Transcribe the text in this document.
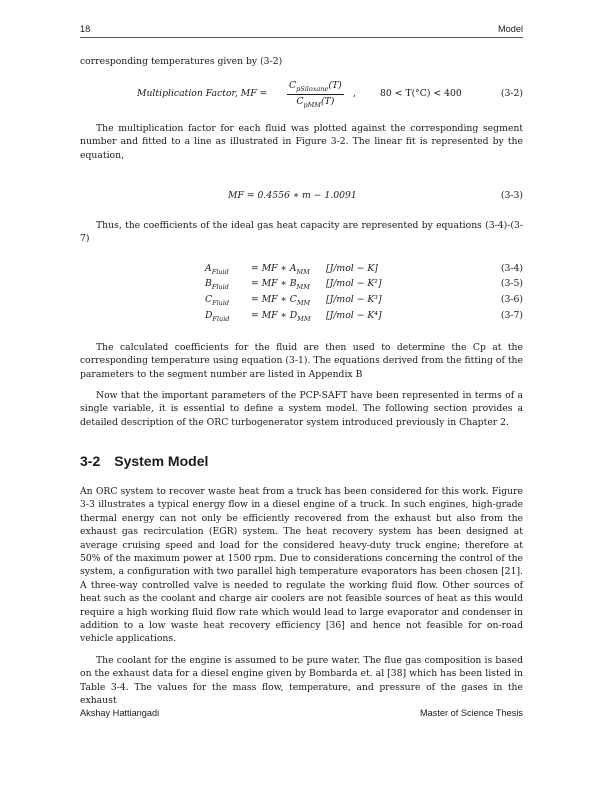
18	Model
corresponding temperatures given by (3-2)
Multiplication Factor, MF =
$C_{pSiloxane}(T)$
$C_{pMM}(T)$
,	80 < T(°C) < 400	(3-2)
The multiplication factor for each fluid was plotted against the corresponding segment number and fitted to a line as illustrated in Figure 3-2. The linear fit is represented by the equation,
MF = 0.4556 ∗ m − 1.0091	(3-3)
Thus, the coefficients of the ideal gas heat capacity are represented by equations (3-4)-(3-7)
$A_{Fluid}$ = MF ∗ $A_{MM}$ [J/mol − K]	(3-4)
$B_{Fluid}$ = MF ∗ $B_{MM}$ [J/mol − K²]	(3-5)
$C_{Fluid}$ = MF ∗ $C_{MM}$ [J/mol − K³]	(3-6)
$D_{Fluid}$ = MF ∗ $D_{MM}$ [J/mol − K⁴]	(3-7)
The calculated coefficients for the fluid are then used to determine the Cp at the corresponding temperature using equation (3-1). The equations derived from the fitting of the parameters to the segment number are listed in Appendix B
Now that the important parameters of the PCP-SAFT have been represented in terms of a single variable, it is essential to define a system model. The following section provides a detailed description of the ORC turbogenerator system introduced previously in Chapter 2.
3-2 System Model
An ORC system to recover waste heat from a truck has been considered for this work. Figure 3-3 illustrates a typical energy flow in a diesel engine of a truck. In such engines, high-grade thermal energy can not only be efficiently recovered from the exhaust but also from the exhaust gas recirculation (EGR) system. The heat recovery system has been designed at average cruising speed and load for the considered heavy-duty truck engine; therefore at 50% of the maximum power at 1500 rpm. Due to considerations concerning the control of the system, a configuration with two parallel high temperature evaporators has been chosen [21]. A three-way controlled valve is needed to regulate the working fluid flow. Other sources of heat such as the coolant and charge air coolers are not feasible sources of heat as this would require a high working fluid flow rate which would lead to large evaporator and condenser in addition to a low waste heat recovery efficiency [36] and hence not feasible for on-road vehicle applications.
The coolant for the engine is assumed to be pure water. The flue gas composition is based on the exhaust data for a diesel engine given by Bombarda et. al [38] which has been listed in Table 3-4. The values for the mass flow, temperature, and pressure of the gases in the exhaust
Akshay Hattiangadi	Master of Science Thesis
